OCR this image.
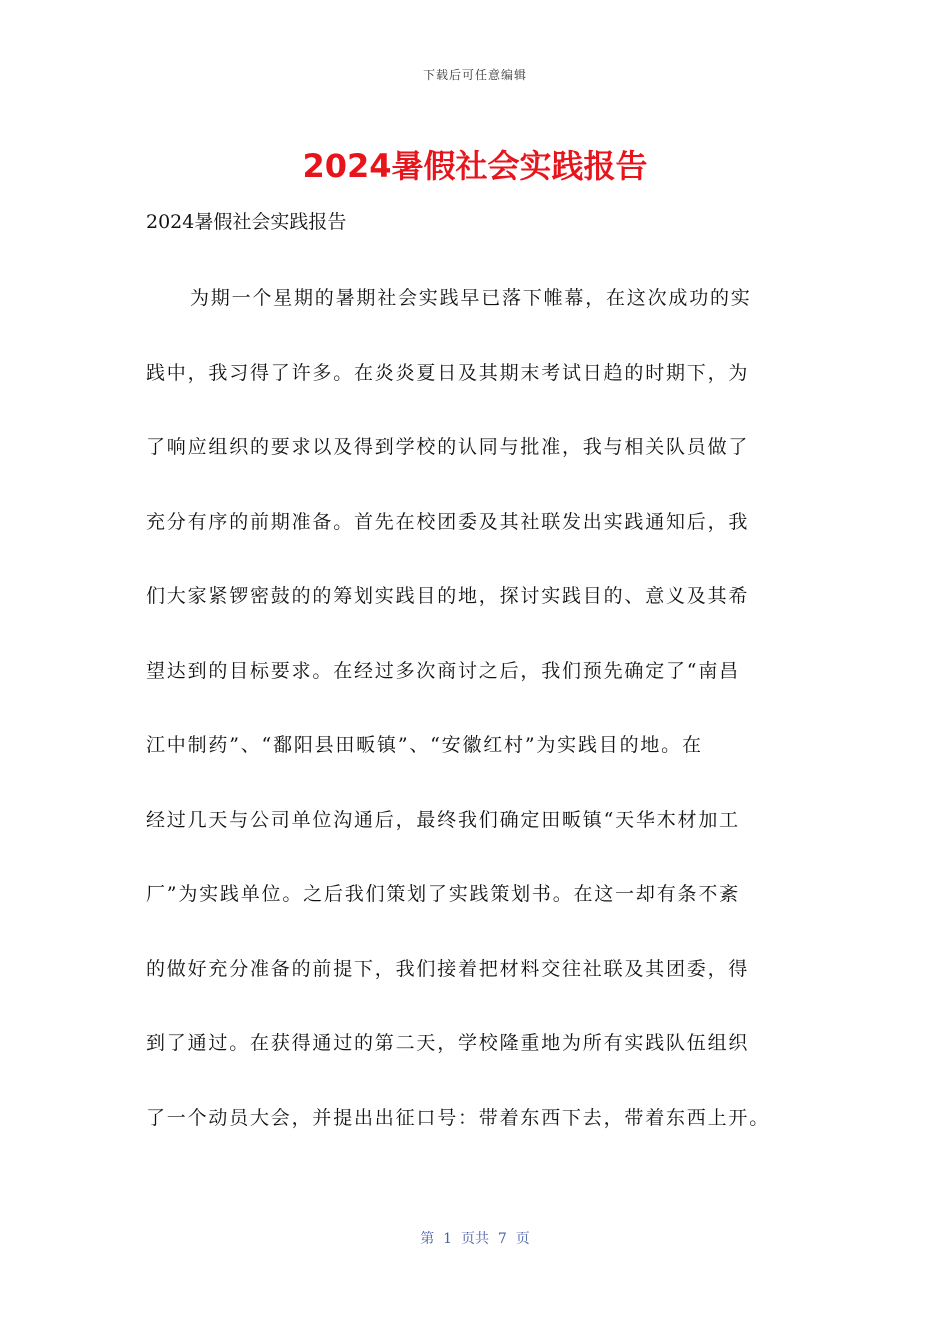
下载后可任意编辑
2024暑假社会实践报告
2024暑假社会实践报告
为期一个星期的暑期社会实践早已落下帷幕，在这次成功的实
践中，我习得了许多。在炎炎夏日及其期末考试日趋的时期下，为
了响应组织的要求以及得到学校的认同与批准，我与相关队员做了
充分有序的前期准备。首先在校团委及其社联发出实践通知后，我
们大家紧锣密鼓的的筹划实践目的地，探讨实践目的、意义及其希
望达到的目标要求。在经过多次商讨之后，我们预先确定了“南昌
江中制药”、“鄱阳县田畈镇”、“安徽红村”为实践目的地。在
经过几天与公司单位沟通后，最终我们确定田畈镇“天华木材加工
厂”为实践单位。之后我们策划了实践策划书。在这一却有条不紊
的做好充分准备的前提下，我们接着把材料交往社联及其团委，得
到了通过。在获得通过的第二天，学校隆重地为所有实践队伍组织
了一个动员大会，并提出出征口号：带着东西下去，带着东西上开。
第  1  页共  7  页
